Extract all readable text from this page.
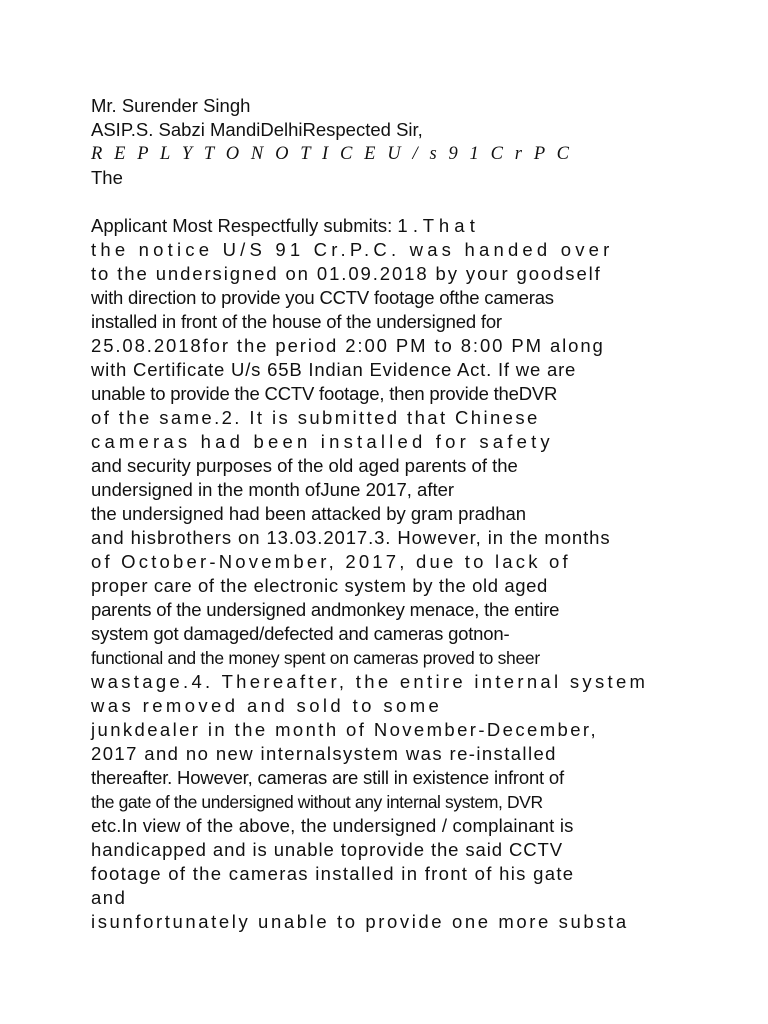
Mr. Surender Singh
ASIP.S. Sabzi MandiDelhiRespected Sir,
R E P L Y T O N O T I C E U / s 9 1 C r P C
The
Applicant Most Respectfully submits: 1 . T h a t
the notice U/S 91 Cr.P.C. was handed over
to the undersigned on 01.09.2018 by your goodself
with direction to provide you CCTV footage ofthe cameras
installed in front of the house of the undersigned for
25.08.2018for the period 2:00 PM to 8:00 PM along
with Certificate U/s 65B Indian Evidence Act. If we are
unable to provide the CCTV footage, then provide theDVR
of the same.2. It is submitted that Chinese
cameras had been installed for safety
and security purposes of the old aged parents of the
undersigned in the month ofJune 2017, after
the undersigned had been attacked by gram pradhan
and hisbrothers on 13.03.2017.3. However, in the months
of October-November, 2017, due to lack of
proper care of the electronic system by the old aged
parents of the undersigned andmonkey menace, the entire
system got damaged/defected and cameras gotnon-
functional and the money spent on cameras proved to sheer
wastage.4. Thereafter, the entire internal system
was removed and sold to some
junkdealer in the month of November-December,
2017 and no new internalsystem was re-installed
thereafter. However, cameras are still in existence infront of
the gate of the undersigned without any internal system, DVR
etc.In view of the above, the undersigned / complainant is
handicapped and is unable toprovide the said CCTV
footage of the cameras installed in front of his gate
and
isunfortunately unable to provide one more substa
